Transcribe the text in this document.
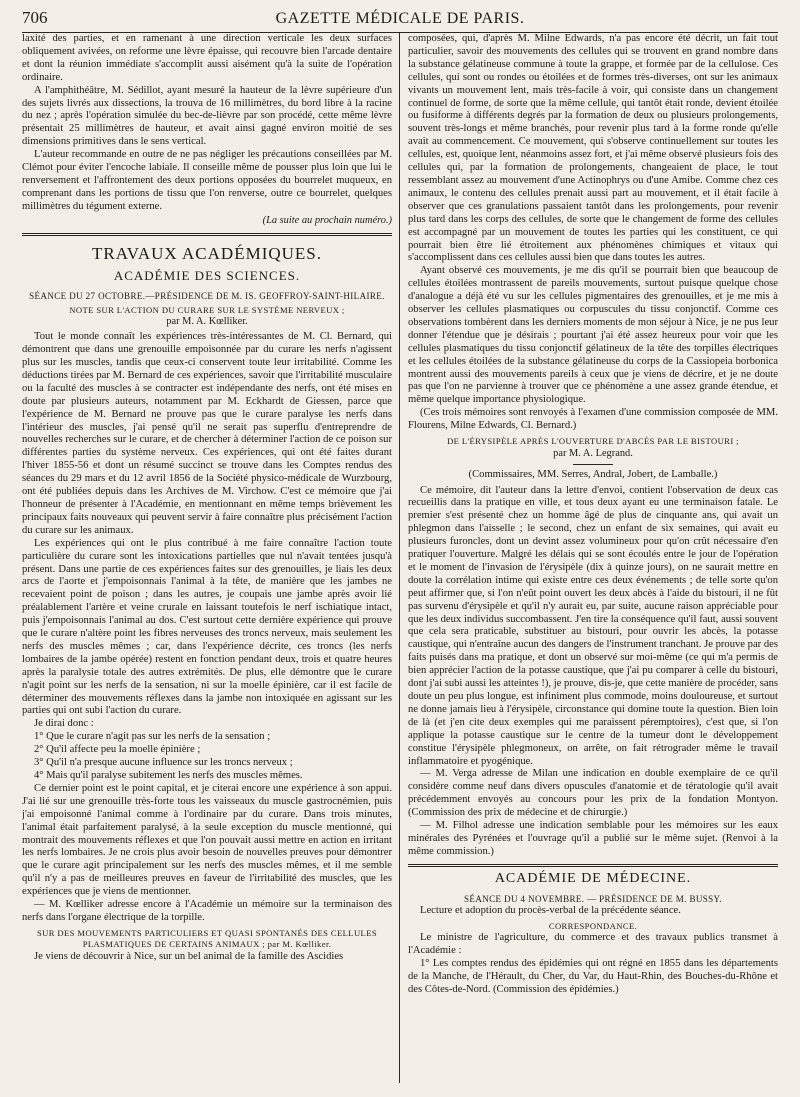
706	GAZETTE MÉDICALE DE PARIS.

laxité des parties, et en ramenant à une direction verticale les deux surfaces obliquement avivées, on reforme une lèvre épaisse, qui recouvre bien l'arcade dentaire et dont la réunion immédiate s'accomplit aussi aisément qu'à la suite de l'opération ordinaire.

A l'amphithéâtre, M. Sédillot, ayant mesuré la hauteur de la lèvre supérieure d'un des sujets livrés aux dissections, la trouva de 16 millimètres, du bord libre à la racine du nez ; après l'opération simulée du bec-de-lièvre par son procédé, cette même lèvre présentait 25 millimètres de hauteur, et avait ainsi gagné environ moitié de ses dimensions primitives dans le sens vertical.

L'auteur recommande en outre de ne pas négliger les précautions conseillées par M. Clémot pour éviter l'encoche labiale. Il conseille même de pousser plus loin que lui le renversement et l'affrontement des deux portions opposées du bourrelet muqueux, en comprenant dans les portions de tissu que l'on renverse, outre ce bourrelet, quelques millimètres du tégument externe.

(La suite au prochain numéro.)

TRAVAUX ACADÉMIQUES.
ACADÉMIE DES SCIENCES.

SÉANCE DU 27 OCTOBRE.—PRÉSIDENCE DE M. IS. GEOFFROY-SAINT-HILAIRE.

NOTE SUR L'ACTION DU CURARE SUR LE SYSTÈME NERVEUX ;

par M. A. Kœlliker.

Tout le monde connaît les expériences très-intéressantes de M. Cl. Bernard, qui démontrent que dans une grenouille empoisonnée par du curare les nerfs n'agissent plus sur les muscles, tandis que ceux-ci conservent toute leur irritabilité. Comme les déductions tirées par M. Bernard de ces expériences, savoir que l'irritabilité musculaire ou la faculté des muscles à se contracter est indépendante des nerfs, ont été mises en doute par plusieurs auteurs, notamment par M. Eckhardt de Giessen, parce que l'expérience de M. Bernard ne prouve pas que le curare paralyse les nerfs dans l'intérieur des muscles, j'ai pensé qu'il ne serait pas superflu d'entreprendre de nouvelles recherches sur le curare, et de chercher à déterminer l'action de ce poison sur différentes parties du système nerveux. Ces expériences, qui ont été faites durant l'hiver 1855-56 et dont un résumé succinct se trouve dans les Comptes rendus des séances du 29 mars et du 12 avril 1856 de la Société physico-médicale de Wurzbourg, ont été publiées depuis dans les Archives de M. Virchow. C'est ce mémoire que j'ai l'honneur de présenter à l'Académie, en mentionnant en même temps brièvement les principaux faits nouveaux qui peuvent servir à faire connaître plus précisément l'action du curare sur les animaux.

Les expériences qui ont le plus contribué à me faire connaître l'action toute particulière du curare sont les intoxications partielles que nul n'avait tentées jusqu'à présent. Dans une partie de ces expériences faites sur des grenouilles, je liais les deux arcs de l'aorte et j'empoisonnais l'animal à la tête, de manière que les jambes ne recevaient point de poison ; dans les autres, je coupais une jambe après avoir lié préalablement l'artère et veine crurale en laissant toutefois le nerf ischiatique intact, puis j'empoisonnais l'animal au dos. C'est surtout cette dernière expérience qui prouve que le curare n'altère point les fibres nerveuses des troncs nerveux, mais seulement les nerfs des muscles mêmes ; car, dans l'expérience décrite, ces troncs (les nerfs lombaires de la jambe opérée) restent en fonction pendant deux, trois et quatre heures après la paralysie totale des autres extrémités. De plus, elle démontre que le curare n'agit point sur les nerfs de la sensation, ni sur la moelle épinière, car il est facile de déterminer des mouvements réflexes dans la jambe non intoxiquée en agissant sur les parties qui ont subi l'action du curare.

Je dirai donc :

1° Que le curare n'agit pas sur les nerfs de la sensation ;
2° Qu'il affecte peu la moelle épinière ;
3° Qu'il n'a presque aucune influence sur les troncs nerveux ;
4° Mais qu'il paralyse subitement les nerfs des muscles mêmes.

Ce dernier point est le point capital, et je citerai encore une expérience à son appui. J'ai lié sur une grenouille très-forte tous les vaisseaux du muscle gastrocnémien, puis j'ai empoisonné l'animal comme à l'ordinaire par du curare. Dans trois minutes, l'animal était parfaitement paralysé, à la seule exception du muscle mentionné, qui montrait des mouvements réflexes et que l'on pouvait aussi mettre en action en irritant les nerfs lombaires. Je ne crois plus avoir besoin de nouvelles preuves pour démontrer que le curare agit principalement sur les nerfs des muscles mêmes, et il me semble qu'il n'y a pas de meilleures preuves en faveur de l'irritabilité des muscles, que les expériences que je viens de mentionner.

— M. Kœlliker adresse encore à l'Académie un mémoire sur la terminaison des nerfs dans l'organe électrique de la torpille.

SUR DES MOUVEMENTS PARTICULIERS ET QUASI SPONTANÉS DES CELLULES PLASMATIQUES DE CERTAINS ANIMAUX ; par M. Kœlliker.

Je viens de découvrir à Nice, sur un bel animal de la famille des Ascidies

composées, qui, d'après M. Milne Edwards, n'a pas encore été décrit, un fait tout particulier, savoir des mouvements des cellules qui se trouvent en grand nombre dans la substance gélatineuse commune à toute la grappe, et formée par de la cellulose. Ces cellules, qui sont ou rondes ou étoilées et de formes très-diverses, ont sur les animaux vivants un mouvement lent, mais très-facile à voir, qui consiste dans un changement continuel de forme, de sorte que la même cellule, qui tantôt était ronde, devient étoilée ou fusiforme à différents degrés par la formation de deux ou plusieurs prolongements, souvent très-longs et même branchés, pour revenir plus tard à la forme ronde qu'elle avait au commencement. Ce mouvement, qui s'observe continuellement sur toutes les cellules, est, quoique lent, néanmoins assez fort, et j'ai même observé plusieurs fois des cellules qui, par la formation de prolongements, changeaient de place, le tout ressemblant assez au mouvement d'une Actinophrys ou d'une Amibe. Comme chez ces animaux, le contenu des cellules prenait aussi part au mouvement, et il était facile à observer que ces granulations passaient tantôt dans les prolongements, pour revenir plus tard dans les corps des cellules, de sorte que le changement de forme des cellules est accompagné par un mouvement de toutes les parties qui les constituent, ce qui pourrait bien être lié étroitement aux phénomènes chimiques et vitaux qui s'accomplissent dans ces cellules aussi bien que dans toutes les autres.

Ayant observé ces mouvements, je me dis qu'il se pourrait bien que beaucoup de cellules étoilées montrassent de pareils mouvements, surtout puisque quelque chose d'analogue a déjà été vu sur les cellules pigmentaires des grenouilles, et je me mis à observer les cellules plasmatiques ou corpuscules du tissu conjonctif. Comme ces observations tombèrent dans les derniers moments de mon séjour à Nice, je ne pus leur donner l'étendue que je désirais ; pourtant j'ai été assez heureux pour voir que les cellules plasmatiques du tissu conjonctif gélatineux de la tête des torpilles électriques et les cellules étoilées de la substance gélatineuse du corps de la Cassiopeia borbonica montrent aussi des mouvements pareils à ceux que je viens de décrire, et je ne doute pas que l'on ne parvienne à trouver que ce phénomène a une assez grande étendue, et même quelque importance physiologique.

(Ces trois mémoires sont renvoyés à l'examen d'une commission composée de MM. Flourens, Milne Edwards, Cl. Bernard.)

DE L'ÉRYSIPÈLE APRÈS L'OUVERTURE D'ABCÈS PAR LE BISTOURI ;

par M. A. Legrand.

(Commissaires, MM. Serres, Andral, Jobert, de Lamballe.)

Ce mémoire, dit l'auteur dans la lettre d'envoi, contient l'observation de deux cas recueillis dans la pratique en ville, et tous deux ayant eu une terminaison fatale. Le premier s'est présenté chez un homme âgé de plus de cinquante ans, qui avait un phlegmon dans l'aisselle ; le second, chez un enfant de six semaines, qui avait eu plusieurs furoncles, dont un devint assez volumineux pour qu'on crût nécessaire d'en pratiquer l'ouverture. Malgré les délais qui se sont écoulés entre le jour de l'opération et le moment de l'invasion de l'érysipèle (dix à quinze jours), on ne saurait mettre en doute la corrélation intime qui existe entre ces deux événements ; de telle sorte qu'on peut affirmer que, si l'on n'eût point ouvert les deux abcès à l'aide du bistouri, il ne fût pas survenu d'érysipèle et qu'il n'y aurait eu, par suite, aucune raison appréciable pour que les deux individus succombassent. J'en tire la conséquence qu'il faut, aussi souvent que cela sera praticable, substituer au bistouri, pour ouvrir les abcès, la potasse caustique, qui n'entraîne aucun des dangers de l'instrument tranchant. Je prouve par des faits puisés dans ma pratique, et dont un observé sur moi-même (ce qui m'a permis de bien apprécier l'action de la potasse caustique, que j'ai pu comparer à celle du bistouri, dont j'ai subi aussi les atteintes !), je prouve, dis-je, que cette manière de procéder, sans doute un peu plus longue, est infiniment plus commode, moins douloureuse, et surtout ne donne jamais lieu à l'érysipèle, circonstance qui domine toute la question. Bien loin de là (et j'en cite deux exemples qui me paraissent péremptoires), c'est que, si l'on applique la potasse caustique sur le centre de la tumeur dont le développement constitue l'érysipèle phlegmoneux, on arrête, on fait rétrograder même le travail inflammatoire et pyogénique.

— M. Verga adresse de Milan une indication en double exemplaire de ce qu'il considère comme neuf dans divers opuscules d'anatomie et de tératologie qu'il avait précédemment envoyés au concours pour les prix de la fondation Montyon. (Commission des prix de médecine et de chirurgie.)

— M. Filhol adresse une indication semblable pour les mémoires sur les eaux minérales des Pyrénées et l'ouvrage qu'il a publié sur le même sujet. (Renvoi à la même commission.)

ACADÉMIE DE MÉDECINE.

SÉANCE DU 4 NOVEMBRE. — PRÉSIDENCE DE M. BUSSY.

Lecture et adoption du procès-verbal de la précédente séance.

CORRESPONDANCE.

Le ministre de l'agriculture, du commerce et des travaux publics transmet à l'Académie :

1° Les comptes rendus des épidémies qui ont régné en 1855 dans les départements de la Manche, de l'Hérault, du Cher, du Var, du Haut-Rhin, des Bouches-du-Rhône et des Côtes-de-Nord. (Commission des épidémies.)
